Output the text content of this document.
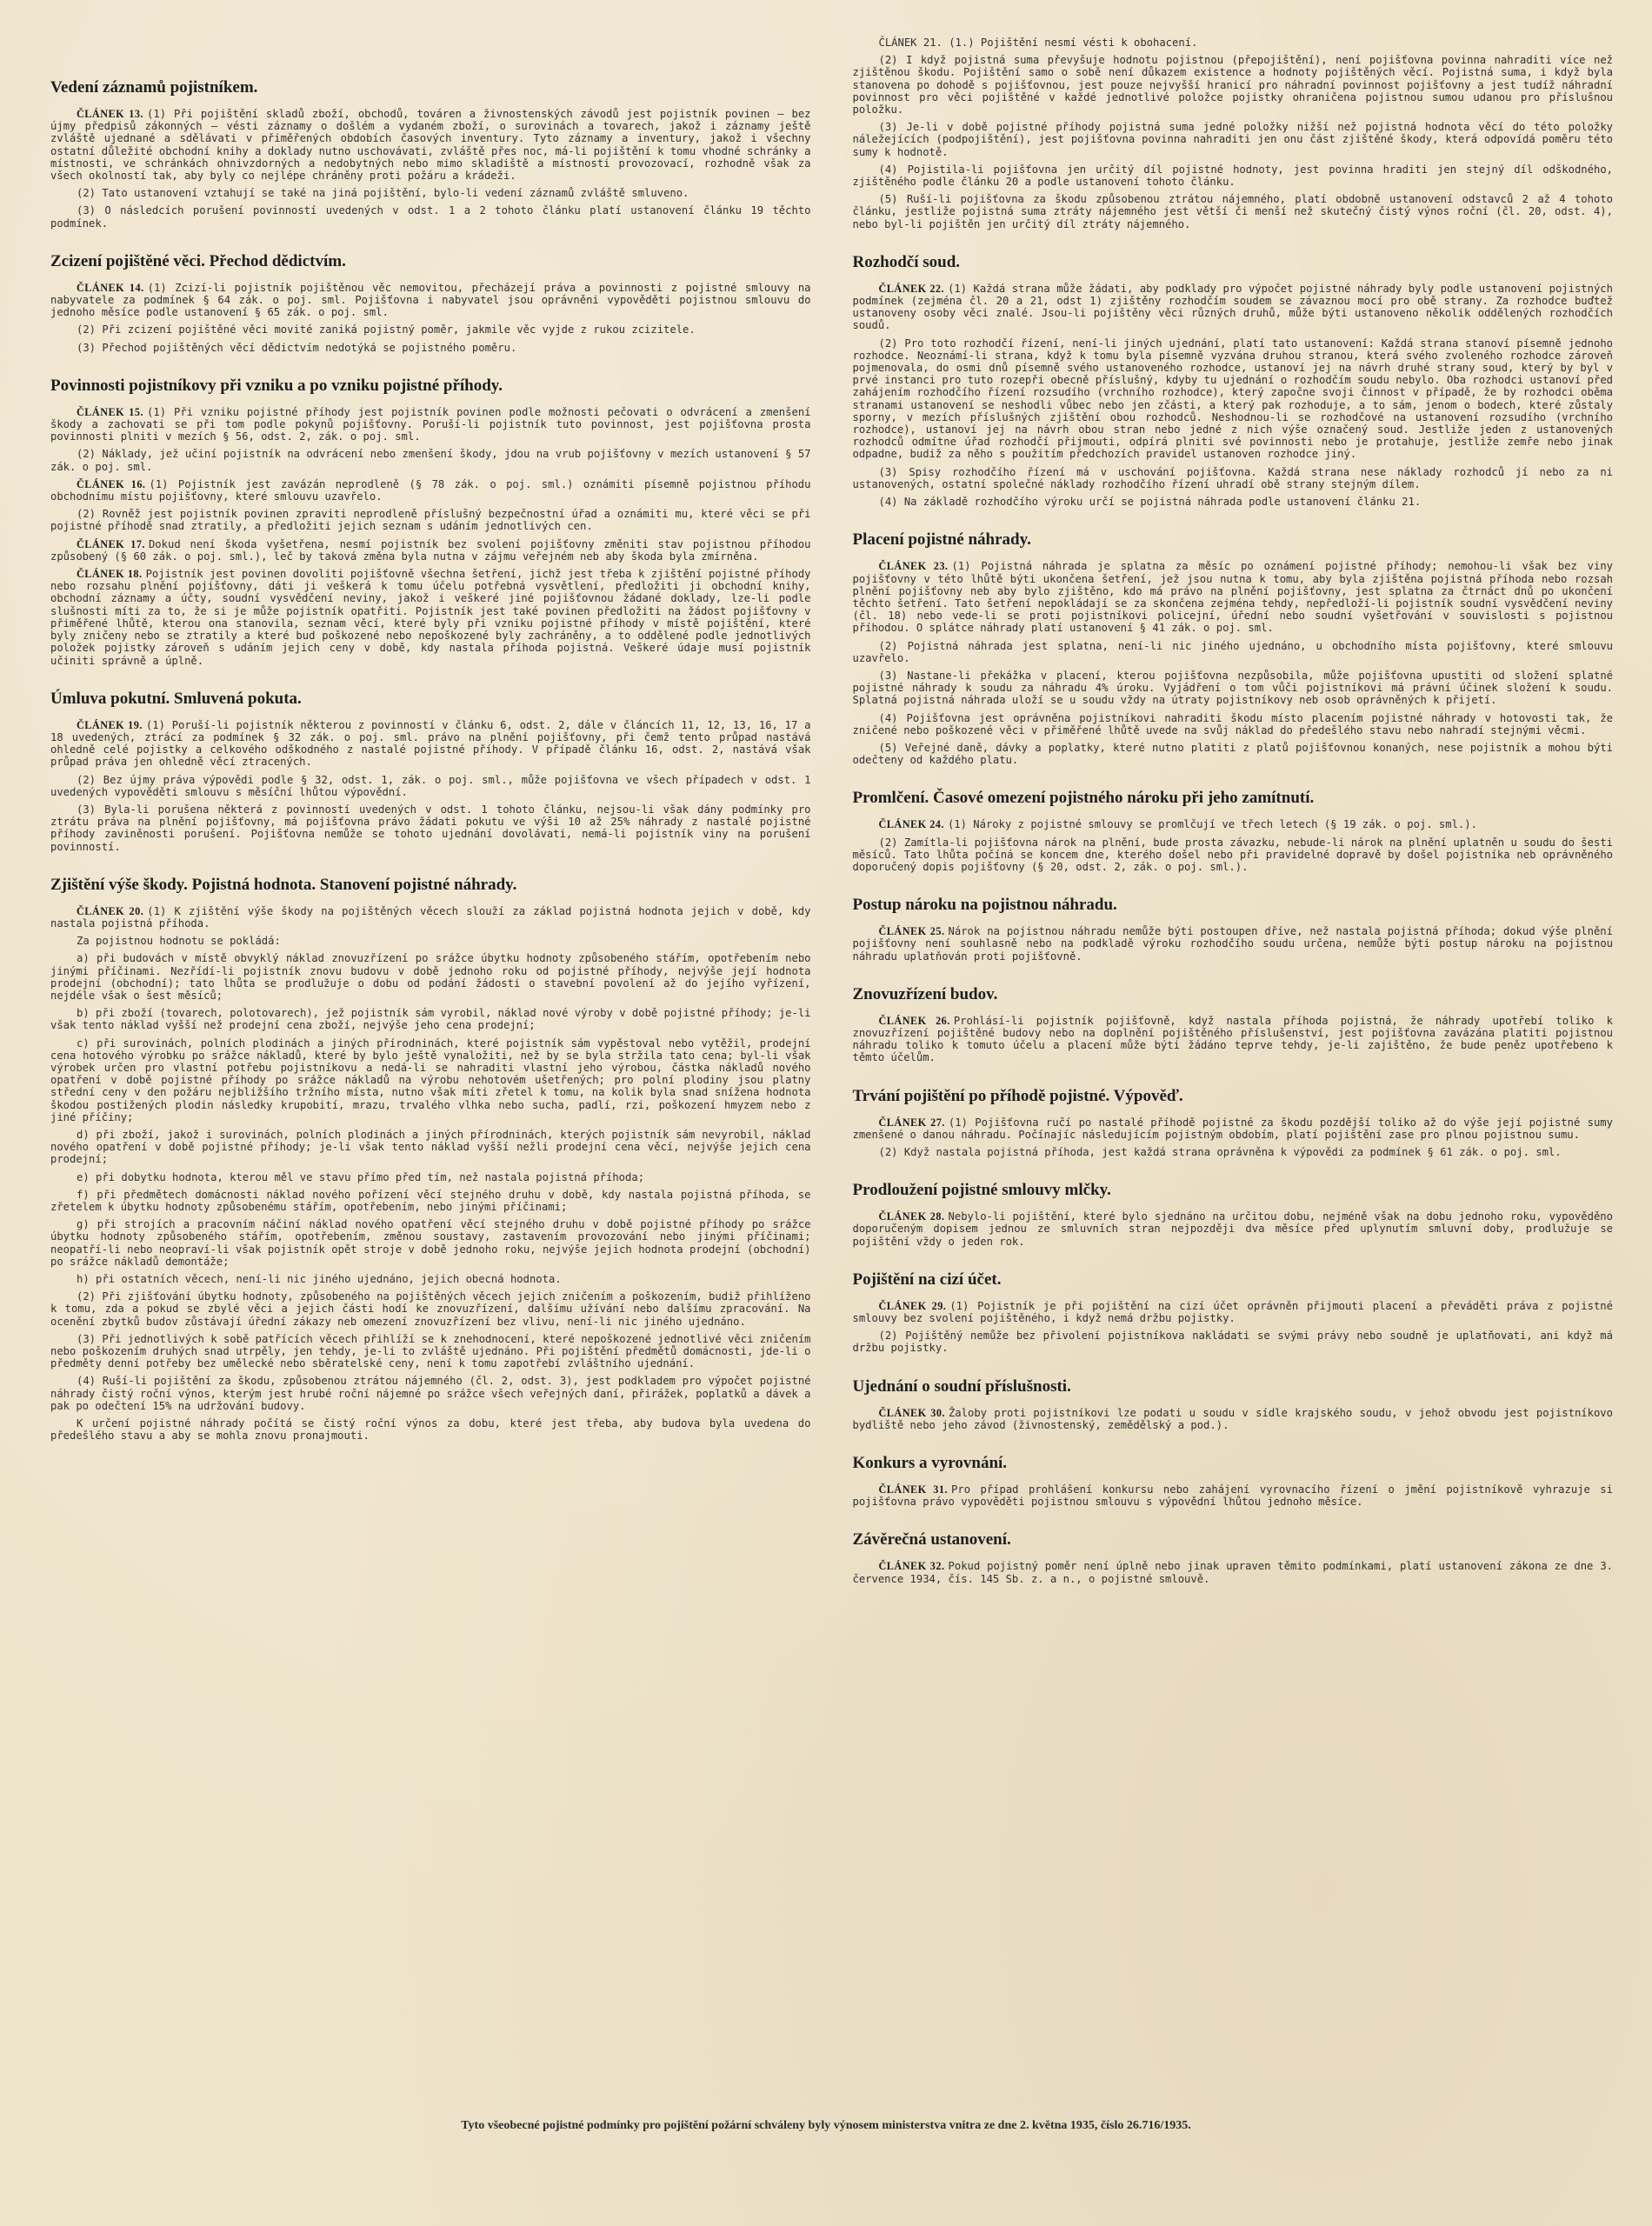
Vedení záznamů pojistníkem.

ČLÁNEK 13. (1) Při pojištění skladů zboží, obchodů, továren a živnostenských závodů jest pojistník povinen — bez újmy předpisů zákonných — vésti záznamy o došlém a vydaném zboží, o surovinách a tovarech, jakož i záznamy ještě zvláště ujednané a sdělávati v přiměřených obdobích časových inventury. Tyto záznamy a inventury, jakož i všechny ostatní důležité obchodní knihy a doklady nutno uschovávati, zvláště přes noc, má-li pojištění k tomu vhodné schránky a místnosti, ve schránkách ohnivzdorných a nedobytných nebo mimo skladiště a místnosti provozovací, rozhodně však za všech okolností tak, aby byly co nejlépe chráněny proti požáru a krádeži.

(2) Tato ustanovení vztahují se také na jiná pojištění, bylo-li vedení záznamů zvláště smluveno.

(3) O následcích porušení povinností uvedených v odst. 1 a 2 tohoto článku platí ustanovení článku 19 těchto podmínek.

Zcizení pojištěné věci. Přechod dědictvím.

ČLÁNEK 14. (1) Zcizí-li pojistník pojištěnou věc nemovitou, přecházejí práva a povinnosti z pojistné smlouvy na nabyvatele za podmínek § 64 zák. o poj. sml. Pojišťovna i nabyvatel jsou oprávněni vypověděti pojistnou smlouvu do jednoho měsíce podle ustanovení § 65 zák. o poj. sml.

(2) Při zcizení pojištěné věci movité zaniká pojistný poměr, jakmile věc vyjde z rukou zcizitele.

(3) Přechod pojištěných věcí dědictvím nedotýká se pojistného poměru.

Povinnosti pojistníkovy při vzniku a po vzniku pojistné příhody.

ČLÁNEK 15. (1) Při vzniku pojistné příhody jest pojistník povinen podle možnosti pečovati o odvrácení a zmenšení škody a zachovati se při tom podle pokynů pojišťovny. Poruší-li pojistník tuto povinnost, jest pojišťovna prosta povinnosti plniti v mezích § 56, odst. 2, zák. o poj. sml.

(2) Náklady, jež učiní pojistník na odvrácení nebo zmenšení škody, jdou na vrub pojišťovny v mezích ustanovení § 57 zák. o poj. sml.

ČLÁNEK 16. (1) Pojistník jest zavázán neprodleně (§ 78 zák. o poj. sml.) oznámiti písemně pojistnou příhodu obchodnímu místu pojišťovny, které smlouvu uzavřelo.

(2) Rovněž jest pojistník povinen zpraviti neprodleně příslušný bezpečnostní úřad a oznámiti mu, které věci se při pojistné příhodě snad ztratily, a předložiti jejich seznam s udáním jednotlivých cen.

ČLÁNEK 17. Dokud není škoda vyšetřena, nesmí pojistník bez svolení pojišťovny změniti stav pojistnou příhodou způsobený (§ 60 zák. o poj. sml.), leč by taková změna byla nutna v zájmu veřejném neb aby škoda byla zmírněna.

ČLÁNEK 18. Pojistník jest povinen dovoliti pojišťovně všechna šetření, jichž jest třeba k zjištění pojistné příhody nebo rozsahu plnění pojišťovny, dáti ji veškerá k tomu účelu potřebná vysvětlení, předložiti ji obchodní knihy, obchodní záznamy a účty, soudní vysvědčení neviny, jakož i veškeré jiné pojišťovnou žádané doklady, lze-li podle slušnosti míti za to, že si je může pojistník opatřiti. Pojistník jest také povinen předložiti na žádost pojišťovny v přiměřené lhůtě, kterou ona stanovila, seznam věcí, které byly při vzniku pojistné příhody v místě pojištění, které byly zničeny nebo se ztratily a které bud poškozené nebo nepoškozené byly zachráněny, a to oddělené podle jednotlivých položek pojistky zároveň s udáním jejich ceny v době, kdy nastala příhoda pojistná. Veškeré údaje musí pojistník učiniti správně a úplně.

Úmluva pokutní. Smluvená pokuta.

ČLÁNEK 19. (1) Poruší-li pojistník některou z povinností v článku 6, odst. 2, dále v článcích 11, 12, 13, 16, 17 a 18 uvedených, ztrácí za podmínek § 32 zák. o poj. sml. právo na plnění pojišťovny, při čemž tento průpad nastává ohledně celé pojistky a celkového odškodného z nastalé pojistné příhody. V případě článku 16, odst. 2, nastává však průpad práva jen ohledně věcí ztracených.

(2) Bez újmy práva výpovědi podle § 32, odst. 1, zák. o poj. sml., může pojišťovna ve všech případech v odst. 1 uvedených vypověděti smlouvu s měsíční lhůtou výpovědní.

(3) Byla-li porušena některá z povinností uvedených v odst. 1 tohoto článku, nejsou-li však dány podmínky pro ztrátu práva na plnění pojišťovny, má pojišťovna právo žádati pokutu ve výši 10 až 25% náhrady z nastalé pojistné příhody zaviněnosti porušení. Pojišťovna nemůže se tohoto ujednání dovolávati, nemá-li pojistník viny na porušení povinností.

Zjištění výše škody. Pojistná hodnota. Stanovení pojistné náhrady.

ČLÁNEK 20. (1) K zjištění výše škody na pojištěných věcech slouží za základ pojistná hodnota jejich v době, kdy nastala pojistná příhoda.

Za pojistnou hodnotu se pokládá:

a) při budovách v místě obvyklý náklad znovuzřízení po srážce úbytku hodnoty způsobeného stářím, opotřebením nebo jinými příčinami. Nezřídí-li pojistník znovu budovu v době jednoho roku od pojistné příhody, nejvýše její hodnota prodejní (obchodní); tato lhůta se prodlužuje o dobu od podání žádosti o stavební povolení až do jejího vyřízení, nejdéle však o šest měsíců;

b) při zboží (tovarech, polotovarech), jež pojistník sám vyrobil, náklad nové výroby v době pojistné příhody; je-li však tento náklad vyšší než prodejní cena zboží, nejvýše jeho cena prodejní;

c) při surovinách, polních plodinách a jiných přírodninách, které pojistník sám vypěstoval nebo vytěžil, prodejní cena hotového výrobku po srážce nákladů, které by bylo ještě vynaložiti, než by se byla stržila tato cena; byl-li však výrobek určen pro vlastní potřebu pojistníkovu a nedá-li se nahraditi vlastní jeho výrobou, částka nákladů nového opatření v době pojistné příhody po srážce nákladů na výrobu nehotovém ušetřených; pro polní plodiny jsou platny střední ceny v den požáru nejbližšího tržního místa, nutno však míti zřetel k tomu, na kolik byla snad snížena hodnota škodou postižených plodin následky krupobití, mrazu, trvalého vlhka nebo sucha, padlí, rzi, poškození hmyzem nebo z jiné příčiny;

d) při zboží, jakož i surovinách, polních plodinách a jiných přírodninách, kterých pojistník sám nevyrobil, náklad nového opatření v době pojistné příhody; je-li však tento náklad vyšší nežli prodejní cena věcí, nejvýše jejich cena prodejní;

e) při dobytku hodnota, kterou měl ve stavu přímo před tím, než nastala pojistná příhoda;

f) při předmětech domácnosti náklad nového pořízení věcí stejného druhu v době, kdy nastala pojistná příhoda, se zřetelem k úbytku hodnoty způsobenému stářím, opotřebením, nebo jinými příčinami;

g) při strojích a pracovním náčiní náklad nového opatření věcí stejného druhu v době pojistné příhody po srážce úbytku hodnoty způsobeného stářím, opotřebením, změnou soustavy, zastavením provozování nebo jinými příčinami; neopatří-li nebo neopraví-li však pojistník opět stroje v době jednoho roku, nejvýše jejich hodnota prodejní (obchodní) po srážce nákladů demontáže;

h) při ostatních věcech, není-li nic jiného ujednáno, jejich obecná hodnota.

(2) Při zjišťování úbytku hodnoty, způsobeného na pojištěných věcech jejich zničením a poškozením, budiž přihlíženo k tomu, zda a pokud se zbylé věci a jejich části hodí ke znovuzřízení, dalšímu užívání nebo dalšímu zpracování. Na ocenění zbytků budov zůstávají úřední zákazy neb omezení znovuzřízení bez vlivu, není-li nic jiného ujednáno.

(3) Při jednotlivých k sobě patřících věcech přihlíží se k znehodnocení, které nepoškozené jednotlivé věci zničením nebo poškozením druhých snad utrpěly, jen tehdy, je-li to zvláště ujednáno. Při pojištění předmětů domácnosti, jde-li o předměty denní potřeby bez umělecké nebo sběratelské ceny, není k tomu zapotřebí zvláštního ujednání.

(4) Ruší-li pojištění za škodu, způsobenou ztrátou nájemného (čl. 2, odst. 3), jest podkladem pro výpočet pojistné náhrady čistý roční výnos, kterým jest hrubé roční nájemné po srážce všech veřejných daní, přirážek, poplatků a dávek a pak po odečtení 15% na udržování budovy.

K určení pojistné náhrady počítá se čistý roční výnos za dobu, které jest třeba, aby budova byla uvedena do předešlého stavu a aby se mohla znovu pronajmouti.

ČLÁNEK 21. (1.) Pojištění nesmí vésti k obohacení.

(2) I když pojistná suma převyšuje hodnotu pojistnou (přepojištění), není pojišťovna povinna nahraditi více než zjištěnou škodu. Pojištění samo o sobě není důkazem existence a hodnoty pojištěných věcí. Pojistná suma, i když byla stanovena po dohodě s pojišťovnou, jest pouze nejvyšší hranicí pro náhradní povinnost pojišťovny a jest tudíž náhradní povinnost pro věci pojištěné v každé jednotlivé položce pojistky ohraničena pojistnou sumou udanou pro příslušnou položku.

(3) Je-li v době pojistné příhody pojistná suma jedné položky nižší než pojistná hodnota věcí do této položky náležejících (podpojištění), jest pojišťovna povinna nahraditi jen onu část zjištěné škody, která odpovídá poměru této sumy k hodnotě.

(4) Pojistila-li pojišťovna jen určitý díl pojistné hodnoty, jest povinna hraditi jen stejný díl odškodného, zjištěného podle článku 20 a podle ustanovení tohoto článku.

(5) Ruší-li pojišťovna za škodu způsobenou ztrátou nájemného, platí obdobně ustanovení odstavců 2 až 4 tohoto článku, jestliže pojistná suma ztráty nájemného jest větší či menší než skutečný čistý výnos roční (čl. 20, odst. 4), nebo byl-li pojištěn jen určitý díl ztráty nájemného.

Rozhodčí soud.

ČLÁNEK 22. (1) Každá strana může žádati, aby podklady pro výpočet pojistné náhrady byly podle ustanovení pojistných podmínek (zejména čl. 20 a 21, odst 1) zjištěny rozhodčím soudem se závaznou mocí pro obě strany. Za rozhodce buďtež ustanoveny osoby věci znalé. Jsou-li pojištěny věci různých druhů, může býti ustanoveno několik oddělených rozhodčích soudů.

(2) Pro toto rozhodčí řízení, není-li jiných ujednání, platí tato ustanovení: Každá strana stanoví písemně jednoho rozhodce. Neoznámí-li strana, když k tomu byla písemně vyzvána druhou stranou, která svého zvoleného rozhodce zároveň pojmenovala, do osmi dnů písemně svého ustanoveného rozhodce, ustanoví jej na návrh druhé strany soud, který by byl v prvé instanci pro tuto rozepři obecně příslušný, kdyby tu ujednání o rozhodčím soudu nebylo. Oba rozhodci ustanoví před zahájením rozhodčího řízení rozsudího (vrchního rozhodce), který započne svoji činnost v případě, že by rozhodci oběma stranami ustanovení se neshodli vůbec nebo jen zčásti, a který pak rozhoduje, a to sám, jenom o bodech, které zůstaly sporny, v mezích příslušných zjištění obou rozhodců. Neshodnou-li se rozhodčové na ustanovení rozsudího (vrchního rozhodce), ustanoví jej na návrh obou stran nebo jedné z nich výše označený soud. Jestliže jeden z ustanovených rozhodců odmítne úřad rozhodčí přijmouti, odpírá plniti své povinnosti nebo je protahuje, jestliže zemře nebo jinak odpadne, budiž za něho s použitím předchozích pravidel ustanoven rozhodce jiný.

(3) Spisy rozhodčího řízení má v uschování pojišťovna. Každá strana nese náklady rozhodců jí nebo za ni ustanovených, ostatní společné náklady rozhodčího řízení uhradí obě strany stejným dílem.

(4) Na základě rozhodčího výroku určí se pojistná náhrada podle ustanovení článku 21.

Placení pojistné náhrady.

ČLÁNEK 23. (1) Pojistná náhrada je splatna za měsíc po oznámení pojistné příhody; nemohou-li však bez viny pojišťovny v této lhůtě býti ukončena šetření, jež jsou nutna k tomu, aby byla zjištěna pojistná příhoda nebo rozsah plnění pojišťovny neb aby bylo zjištěno, kdo má právo na plnění pojišťovny, jest splatna za čtrnáct dnů po ukončení těchto šetření. Tato šetření nepokládají se za skončena zejména tehdy, nepředloží-li pojistník soudní vysvědčení neviny (čl. 18) nebo vede-li se proti pojistníkovi policejní, úřední nebo soudní vyšetřování v souvislosti s pojistnou příhodou. O splátce náhrady platí ustanovení § 41 zák. o poj. sml.

(2) Pojistná náhrada jest splatna, není-li nic jiného ujednáno, u obchodního místa pojišťovny, které smlouvu uzavřelo.

(3) Nastane-li překážka v placení, kterou pojišťovna nezpůsobila, může pojišťovna upustiti od složení splatné pojistné náhrady k soudu za náhradu 4% úroku. Vyjádření o tom vůči pojistníkovi má právní účinek složení k soudu. Splatná pojistná náhrada uloží se u soudu vždy na útraty pojistníkovy neb osob oprávněných k přijetí.

(4) Pojišťovna jest oprávněna pojistníkovi nahraditi škodu místo placením pojistné náhrady v hotovosti tak, že zničené nebo poškozené věci v přiměřené lhůtě uvede na svůj náklad do předešlého stavu nebo nahradí stejnými věcmi.

(5) Veřejné daně, dávky a poplatky, které nutno platiti z platů pojišťovnou konaných, nese pojistník a mohou býti odečteny od každého platu.

Promlčení. Časové omezení pojistného nároku při jeho zamítnutí.

ČLÁNEK 24. (1) Nároky z pojistné smlouvy se promlčují ve třech letech (§ 19 zák. o poj. sml.).

(2) Zamítla-li pojišťovna nárok na plnění, bude prosta závazku, nebude-li nárok na plnění uplatněn u soudu do šesti měsíců. Tato lhůta počíná se koncem dne, kterého došel nebo při pravidelné dopravě by došel pojistníka neb oprávněného doporučený dopis pojišťovny (§ 20, odst. 2, zák. o poj. sml.).

Postup nároku na pojistnou náhradu.

ČLÁNEK 25. Nárok na pojistnou náhradu nemůže býti postoupen dříve, než nastala pojistná příhoda; dokud výše plnění pojišťovny není souhlasně nebo na podkladě výroku rozhodčího soudu určena, nemůže býti postup nároku na pojistnou náhradu uplatňován proti pojišťovně.

Znovuzřízení budov.

ČLÁNEK 26. Prohlásí-li pojistník pojišťovně, když nastala příhoda pojistná, že náhrady upotřebí toliko k znovuzřízení pojištěné budovy nebo na doplnění pojištěného příslušenství, jest pojišťovna zavázána platiti pojistnou náhradu toliko k tomuto účelu a placení může býti žádáno teprve tehdy, je-li zajištěno, že bude peněz upotřebeno k těmto účelům.

Trvání pojištění po příhodě pojistné. Výpověď.

ČLÁNEK 27. (1) Pojišťovna ručí po nastalé příhodě pojistné za škodu pozdější toliko až do výše její pojistné sumy zmenšené o danou náhradu. Počínajíc následujícím pojistným obdobím, platí pojištění zase pro plnou pojistnou sumu.

(2) Když nastala pojistná příhoda, jest každá strana oprávněna k výpovědi za podmínek § 61 zák. o poj. sml.

Prodloužení pojistné smlouvy mlčky.

ČLÁNEK 28. Nebylo-li pojištění, které bylo sjednáno na určitou dobu, nejméně však na dobu jednoho roku, vypověděno doporučeným dopisem jednou ze smluvních stran nejpozději dva měsíce před uplynutím smluvní doby, prodlužuje se pojištění vždy o jeden rok.

Pojištění na cizí účet.

ČLÁNEK 29. (1) Pojistník je při pojištění na cizí účet oprávněn přijmouti placení a převáděti práva z pojistné smlouvy bez svolení pojištěného, i když nemá držbu pojistky.

(2) Pojištěný nemůže bez přivolení pojistníkova nakládati se svými právy nebo soudně je uplatňovati, ani když má držbu pojistky.

Ujednání o soudní příslušnosti.

ČLÁNEK 30. Žaloby proti pojistníkovi lze podati u soudu v sídle krajského soudu, v jehož obvodu jest pojistníkovo bydliště nebo jeho závod (živnostenský, zemědělský a pod.).

Konkurs a vyrovnání.

ČLÁNEK 31. Pro případ prohlášení konkursu nebo zahájení vyrovnacího řízení o jmění pojistníkově vyhrazuje si pojišťovna právo vypověděti pojistnou smlouvu s výpovědní lhůtou jednoho měsíce.

Závěrečná ustanovení.

ČLÁNEK 32. Pokud pojistný poměr není úplně nebo jinak upraven těmito podmínkami, platí ustanovení zákona ze dne 3. července 1934, čís. 145 Sb. z. a n., o pojistné smlouvě.

Tyto všeobecné pojistné podmínky pro pojištění požární schváleny byly výnosem ministerstva vnitra ze dne 2. května 1935, číslo 26.716/1935.
